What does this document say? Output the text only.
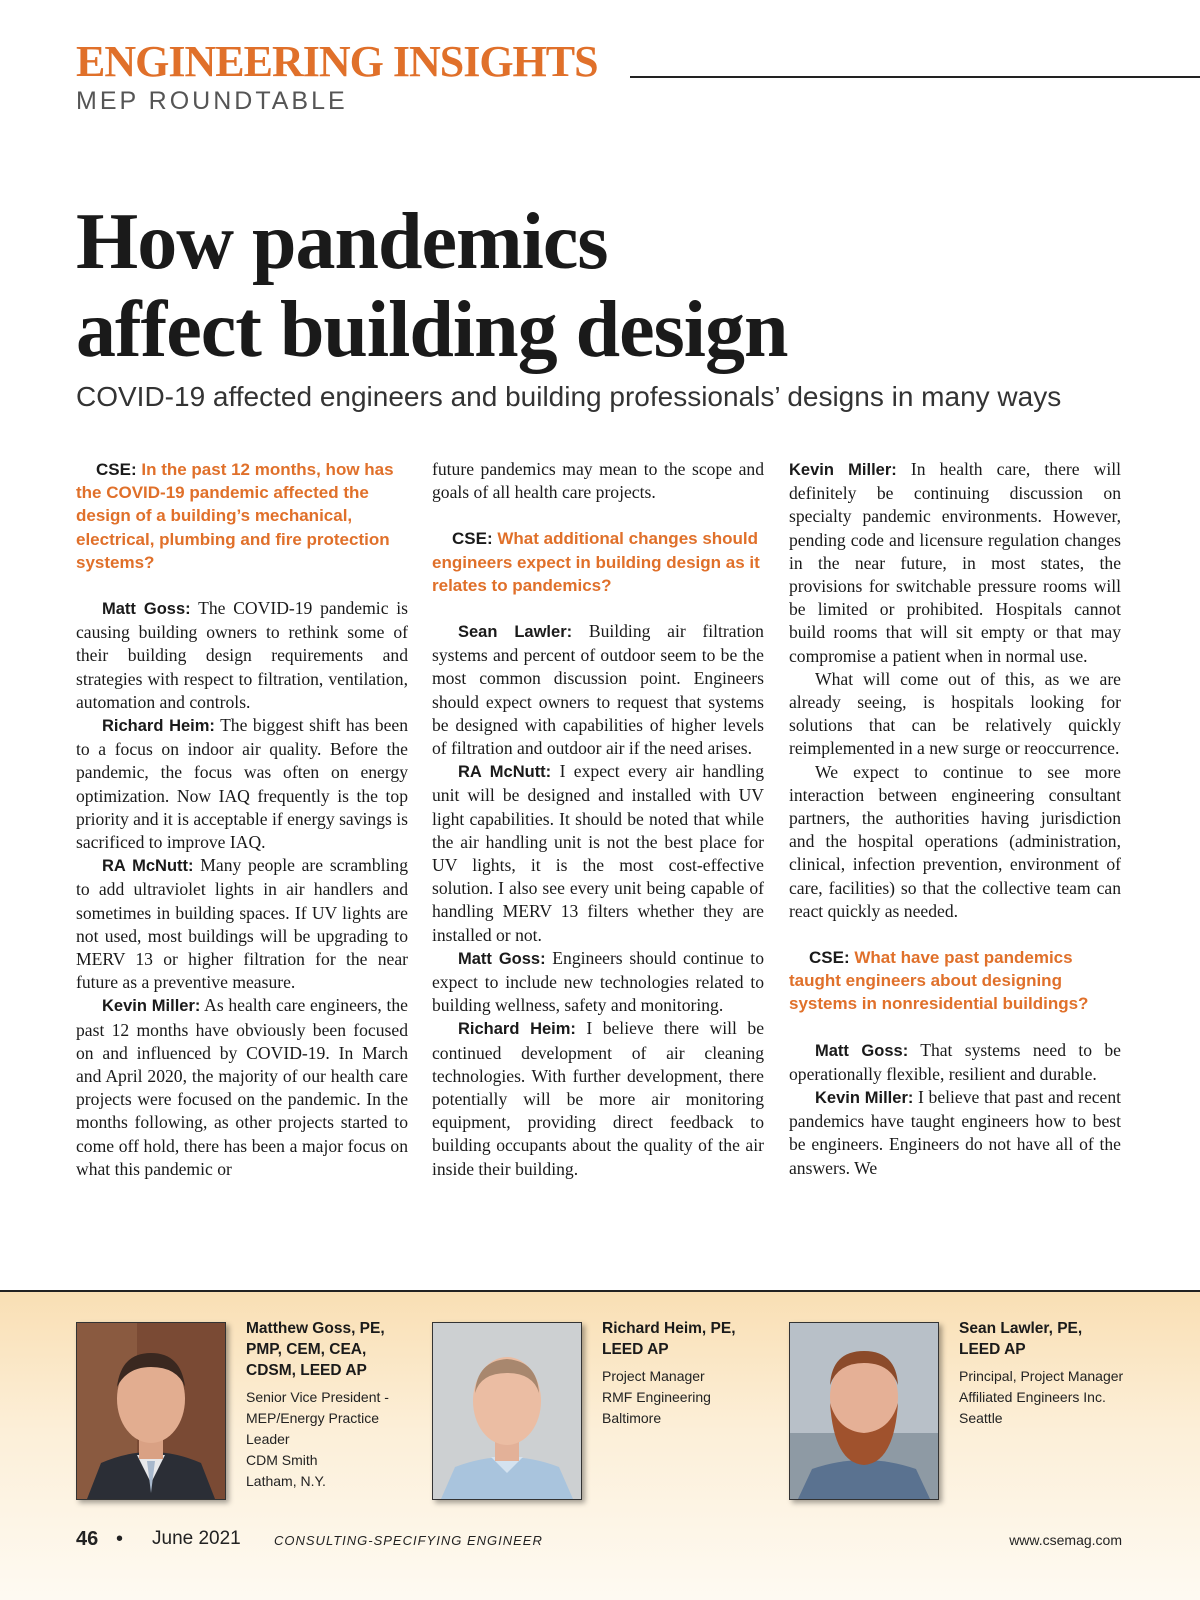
ENGINEERING INSIGHTS
MEP ROUNDTABLE
How pandemics
affect building design
COVID-19 affected engineers and building professionals’ designs in many ways

CSE: In the past 12 months, how has the COVID-19 pandemic affected the design of a building’s mechanical, electrical, plumbing and fire protection systems?

Matt Goss: The COVID-19 pandemic is causing building owners to rethink some of their building design requirements and strategies with respect to filtration, ventilation, automation and controls.

Richard Heim: The biggest shift has been to a focus on indoor air quality. Before the pandemic, the focus was often on energy optimization. Now IAQ frequently is the top priority and it is acceptable if energy savings is sacrificed to improve IAQ.

RA McNutt: Many people are scrambling to add ultraviolet lights in air handlers and sometimes in building spaces. If UV lights are not used, most buildings will be upgrading to MERV 13 or higher filtration for the near future as a preventive measure.

Kevin Miller: As health care engineers, the past 12 months have obviously been focused on and influenced by COVID-19. In March and April 2020, the majority of our health care projects were focused on the pandemic. In the months following, as other projects started to come off hold, there has been a major focus on what this pandemic or

future pandemics may mean to the scope and goals of all health care projects.

CSE: What additional changes should engineers expect in building design as it relates to pandemics?

Sean Lawler: Building air filtration systems and percent of outdoor seem to be the most common discussion point. Engineers should expect owners to request that systems be designed with capabilities of higher levels of filtration and outdoor air if the need arises.

RA McNutt: I expect every air handling unit will be designed and installed with UV light capabilities. It should be noted that while the air handling unit is not the best place for UV lights, it is the most cost-effective solution. I also see every unit being capable of handling MERV 13 filters whether they are installed or not.

Matt Goss: Engineers should continue to expect to include new technologies related to building wellness, safety and monitoring.

Richard Heim: I believe there will be continued development of air cleaning technologies. With further development, there potentially will be more air monitoring equipment, providing direct feedback to building occupants about the quality of the air inside their building.

Kevin Miller: In health care, there will definitely be continuing discussion on specialty pandemic environments. However, pending code and licensure regulation changes in the near future, in most states, the provisions for switchable pressure rooms will be limited or prohibited. Hospitals cannot build rooms that will sit empty or that may compromise a patient when in normal use.

What will come out of this, as we are already seeing, is hospitals looking for solutions that can be relatively quickly reimplemented in a new surge or reoccurrence.

We expect to continue to see more interaction between engineering consultant partners, the authorities having jurisdiction and the hospital operations (administration, clinical, infection prevention, environment of care, facilities) so that the collective team can react quickly as needed.

CSE: What have past pandemics taught engineers about designing systems in nonresidential buildings?

Matt Goss: That systems need to be operationally flexible, resilient and durable.

Kevin Miller: I believe that past and recent pandemics have taught engineers how to best be engineers. Engineers do not have all of the answers. We

Matthew Goss, PE, PMP, CEM, CEA, CDSM, LEED AP

Senior Vice President - MEP/Energy Practice Leader

CDM Smith

Latham, N.Y.

Richard Heim, PE, LEED AP

Project Manager

RMF Engineering

Baltimore

Sean Lawler, PE, LEED AP

Principal, Project Manager

Affiliated Engineers Inc.

Seattle

46 • June 2021	CONSULTING-SPECIFYING ENGINEER	www.csemag.com
